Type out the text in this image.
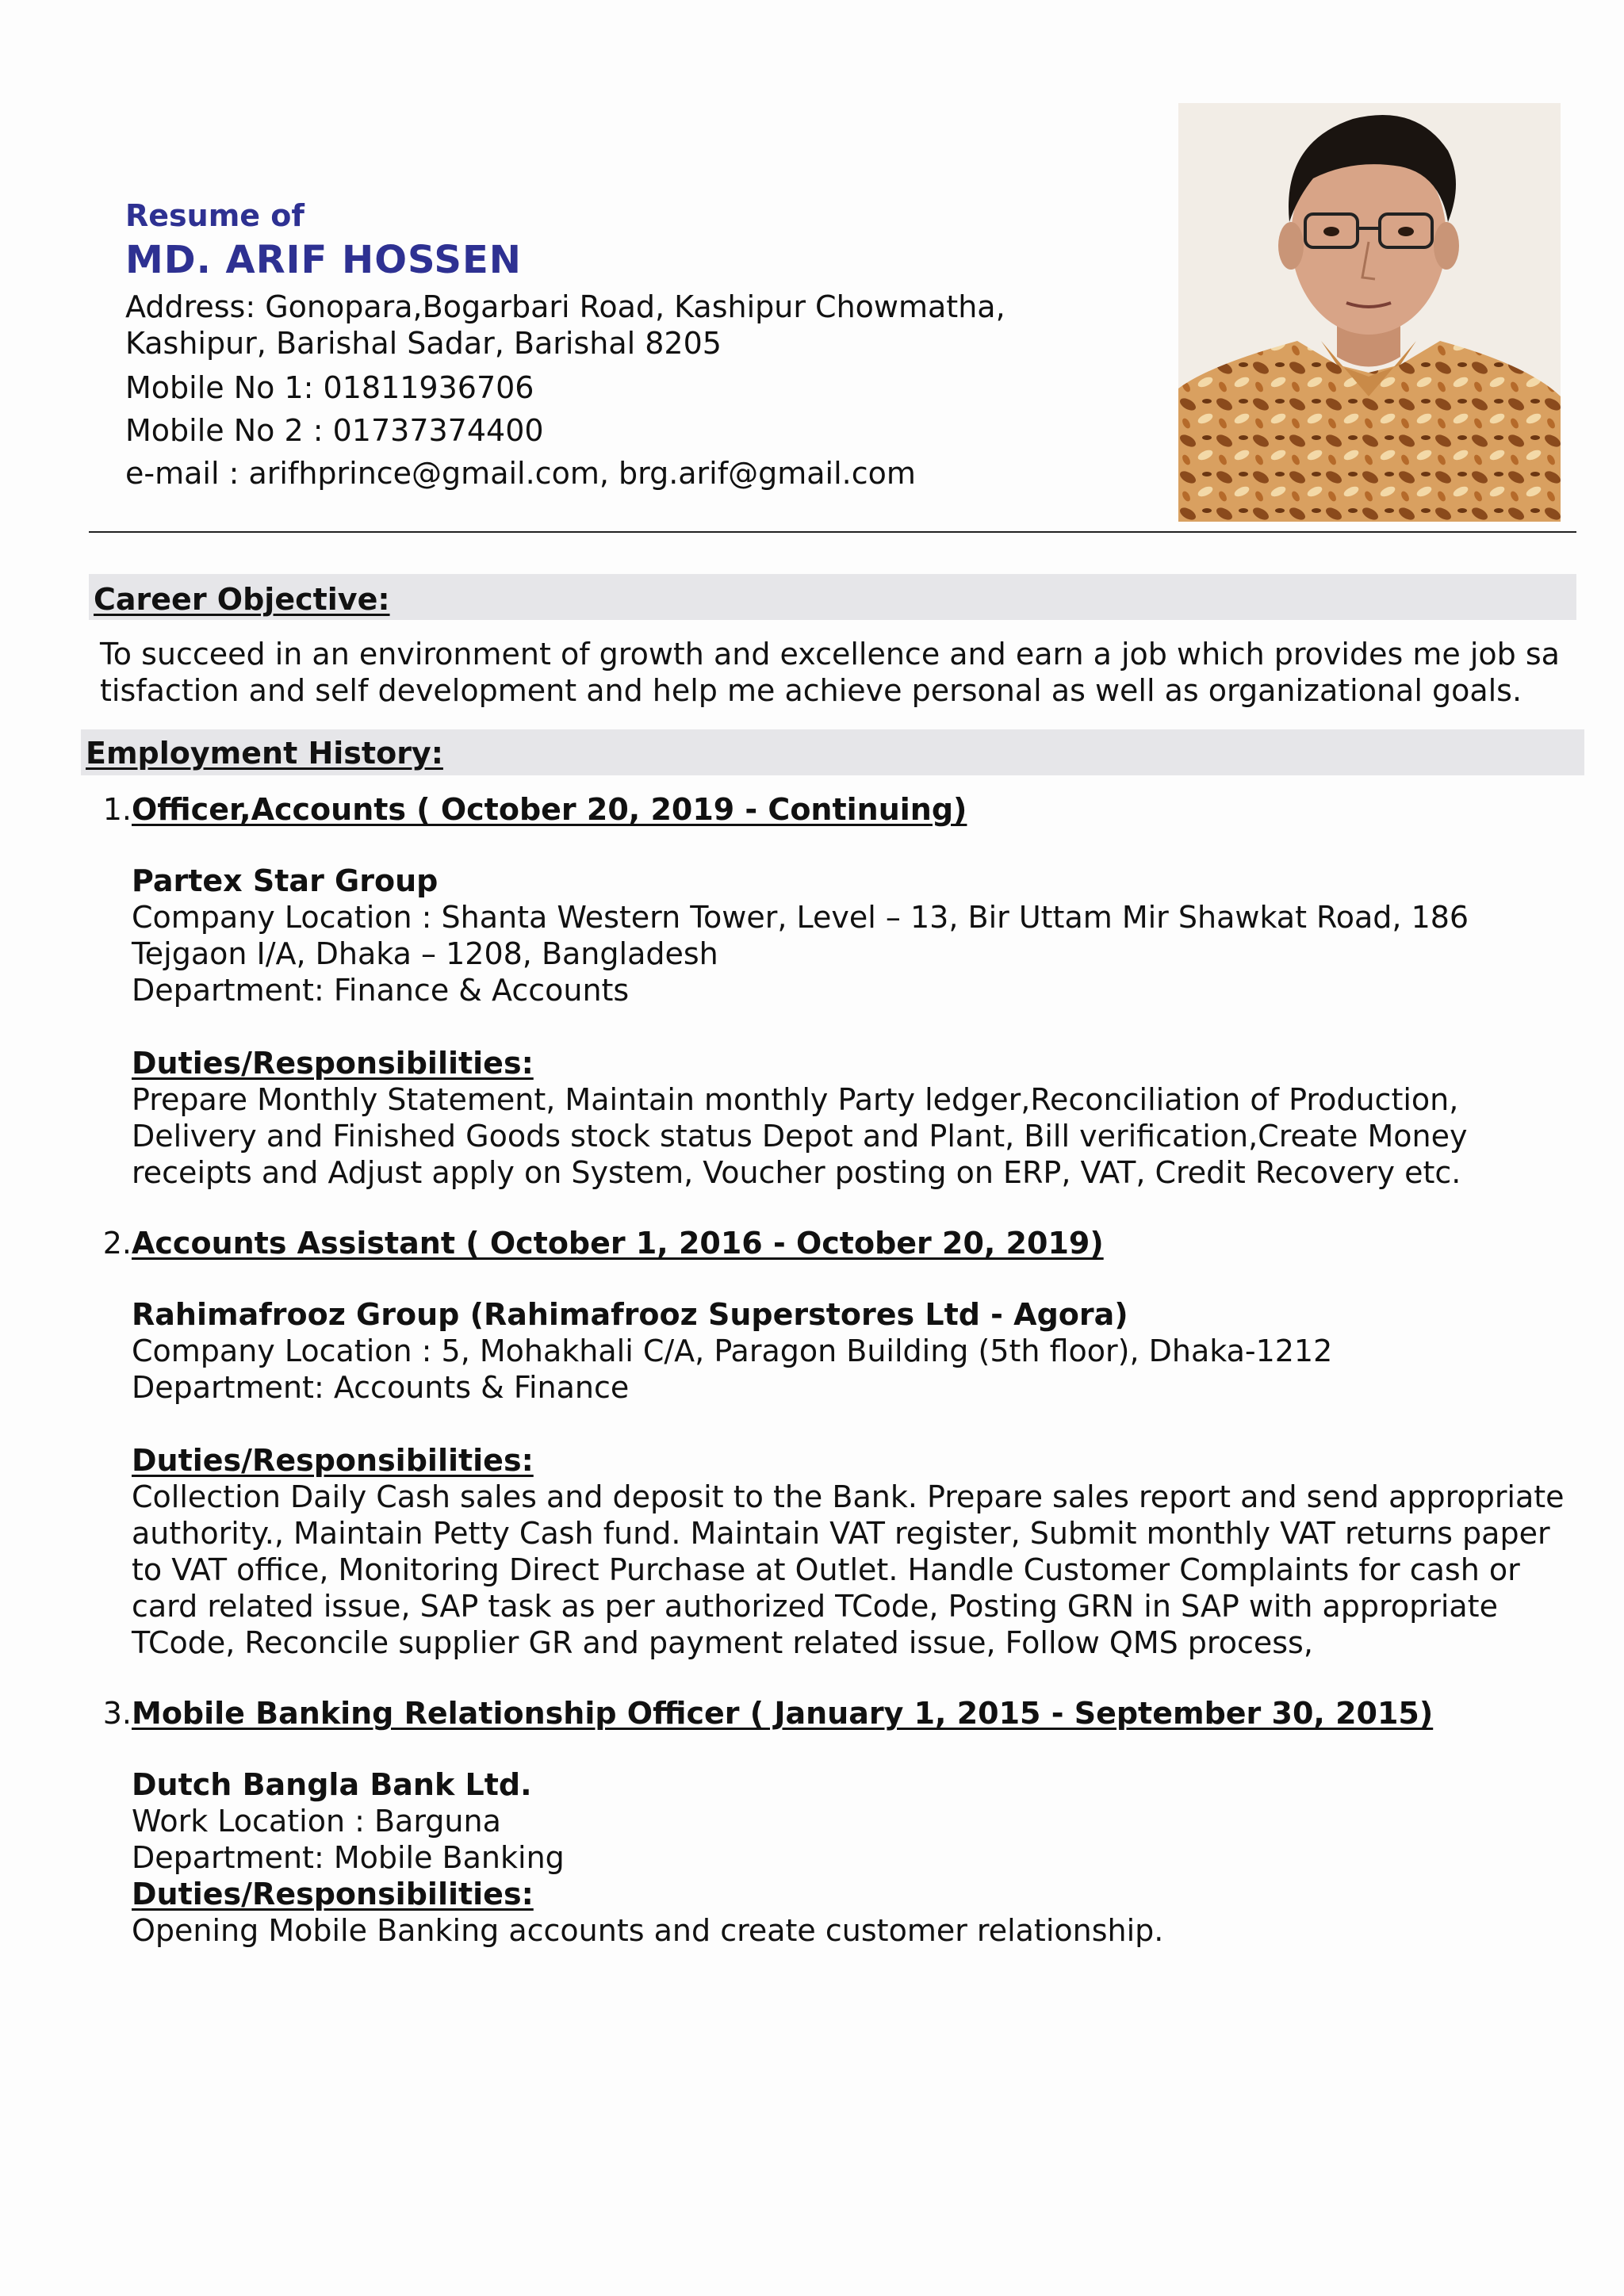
Resume of
MD. ARIF HOSSEN
Address: Gonopara,Bogarbari Road, Kashipur Chowmatha,
Kashipur, Barishal Sadar, Barishal 8205
Mobile No 1: 01811936706
Mobile No 2 : 01737374400
e-mail : arifhprince@gmail.com, brg.arif@gmail.com
Career Objective:
To succeed in an environment of growth and excellence and earn a job which provides me job sa
tisfaction and self development and help me achieve personal as well as organizational goals.
Employment History:
1. Officer,Accounts ( October 20, 2019 - Continuing)
Partex Star Group
Company Location : Shanta Western Tower, Level – 13, Bir Uttam Mir Shawkat Road, 186
Tejgaon I/A, Dhaka – 1208, Bangladesh
Department: Finance & Accounts
Duties/Responsibilities:
Prepare Monthly Statement, Maintain monthly Party ledger,Reconciliation of Production,
Delivery and Finished Goods stock status Depot and Plant, Bill verification,Create Money
receipts and Adjust apply on System, Voucher posting on ERP, VAT, Credit Recovery etc.
2. Accounts Assistant ( October 1, 2016 - October 20, 2019)
Rahimafrooz Group (Rahimafrooz Superstores Ltd - Agora)
Company Location : 5, Mohakhali C/A, Paragon Building (5th floor), Dhaka-1212
Department: Accounts & Finance
Duties/Responsibilities:
Collection Daily Cash sales and deposit to the Bank. Prepare sales report and send appropriate
authority., Maintain Petty Cash fund. Maintain VAT register, Submit monthly VAT returns paper
to VAT office, Monitoring Direct Purchase at Outlet. Handle Customer Complaints for cash or
card related issue, SAP task as per authorized TCode, Posting GRN in SAP with appropriate
TCode, Reconcile supplier GR and payment related issue, Follow QMS process,
3. Mobile Banking Relationship Officer ( January 1, 2015 - September 30, 2015)
Dutch Bangla Bank Ltd.
Work Location : Barguna
Department: Mobile Banking
Duties/Responsibilities:
Opening Mobile Banking accounts and create customer relationship.
